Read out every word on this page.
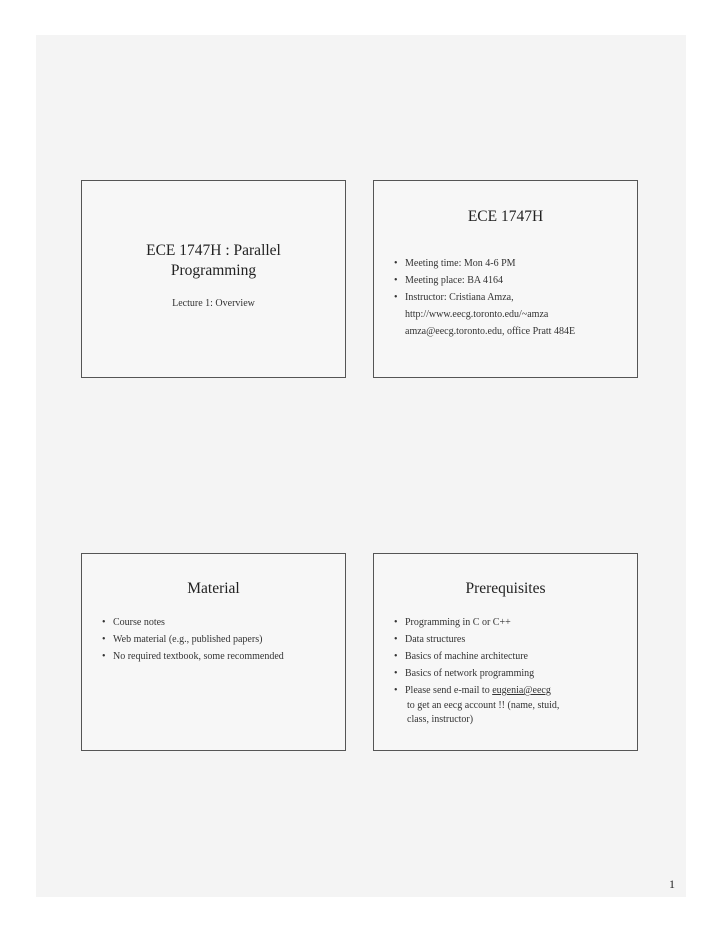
ECE 1747H : Parallel
Programming
Lecture 1: Overview
ECE 1747H
• Meeting time: Mon 4-6 PM
• Meeting place: BA 4164
• Instructor: Cristiana Amza,
http://www.eecg.toronto.edu/~amza
amza@eecg.toronto.edu, office Pratt 484E
Material
• Course notes
• Web material (e.g., published papers)
• No required textbook, some recommended
Prerequisites
• Programming in C or C++
• Data structures
• Basics of machine architecture
• Basics of network programming
• Please send e-mail to eugenia@eecg
to get an eecg account !! (name, stuid,
class, instructor)
1
